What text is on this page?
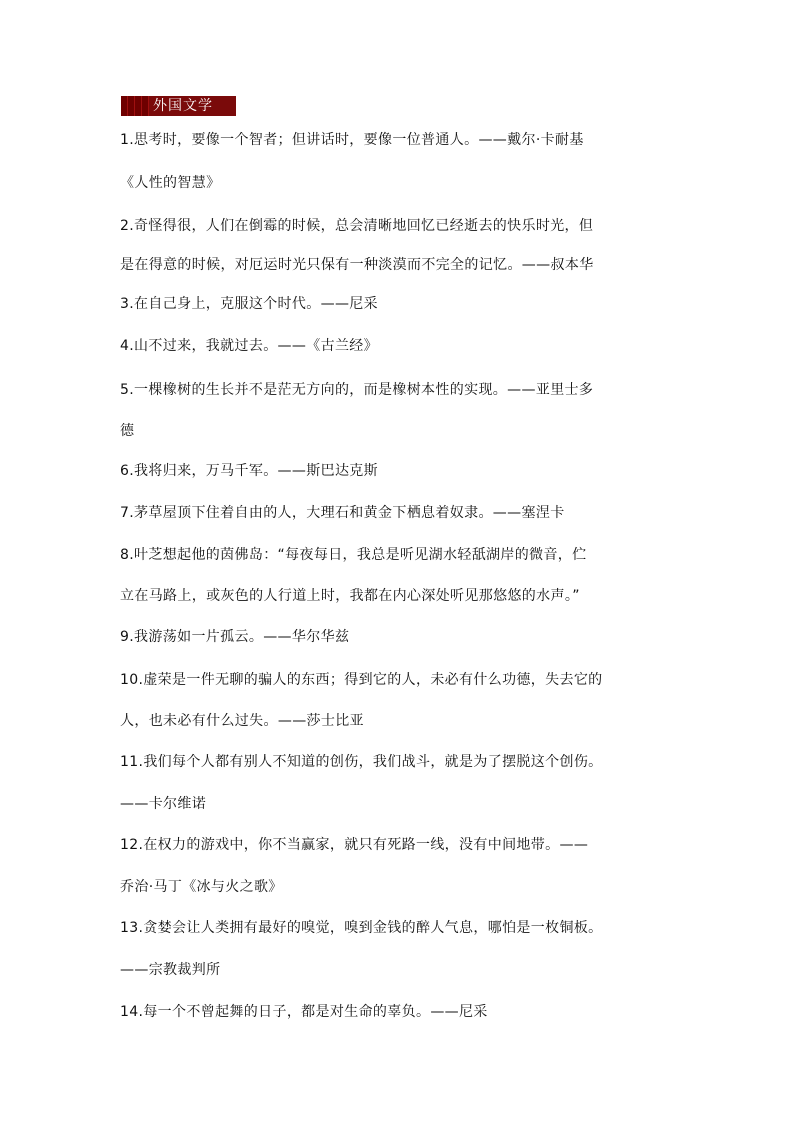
外国文学
1.思考时，要像一个智者；但讲话时，要像一位普通人。——戴尔·卡耐基
《人性的智慧》
2.奇怪得很，人们在倒霉的时候，总会清晰地回忆已经逝去的快乐时光，但
是在得意的时候，对厄运时光只保有一种淡漠而不完全的记忆。——叔本华
3.在自己身上，克服这个时代。——尼采
4.山不过来，我就过去。——《古兰经》
5.一棵橡树的生长并不是茫无方向的，而是橡树本性的实现。——亚里士多
德
6.我将归来，万马千军。——斯巴达克斯
7.茅草屋顶下住着自由的人，大理石和黄金下栖息着奴隶。——塞涅卡
8.叶芝想起他的茵佛岛：“每夜每日，我总是听见湖水轻舐湖岸的微音，伫
立在马路上，或灰色的人行道上时，我都在内心深处听见那悠悠的水声。”
9.我游荡如一片孤云。——华尔华兹
10.虚荣是一件无聊的骗人的东西；得到它的人，未必有什么功德，失去它的
人，也未必有什么过失。——莎士比亚
11.我们每个人都有别人不知道的创伤，我们战斗，就是为了摆脱这个创伤。
——卡尔维诺
12.在权力的游戏中，你不当赢家，就只有死路一线，没有中间地带。——
乔治·马丁《冰与火之歌》
13.贪婪会让人类拥有最好的嗅觉，嗅到金钱的醉人气息，哪怕是一枚铜板。
——宗教裁判所
14.每一个不曾起舞的日子，都是对生命的辜负。——尼采
